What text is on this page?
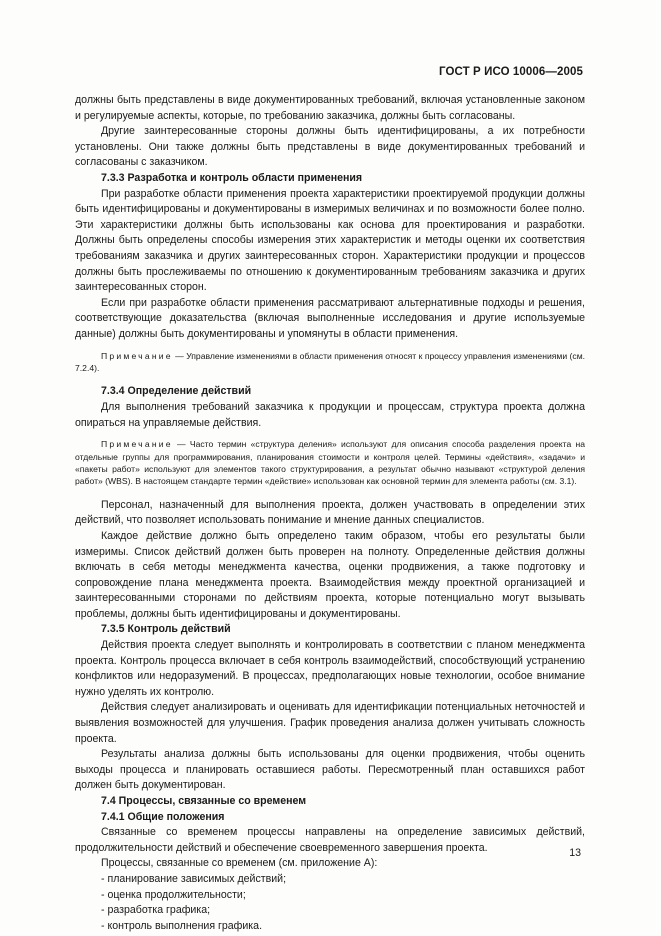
ГОСТ Р ИСО 10006—2005

должны быть представлены в виде документированных требований, включая установленные законом и регулируемые аспекты, которые, по требованию заказчика, должны быть согласованы.

Другие заинтересованные стороны должны быть идентифицированы, а их потребности установлены. Они также должны быть представлены в виде документированных требований и согласованы с заказчиком.

7.3.3 Разработка и контроль области применения

При разработке области применения проекта характеристики проектируемой продукции должны быть идентифицированы и документированы в измеримых величинах и по возможности более полно. Эти характеристики должны быть использованы как основа для проектирования и разработки. Должны быть определены способы измерения этих характеристик и методы оценки их соответствия требованиям заказчика и других заинтересованных сторон. Характеристики продукции и процессов должны быть прослеживаемы по отношению к документированным требованиям заказчика и других заинтересованных сторон.

Если при разработке области применения рассматривают альтернативные подходы и решения, соответствующие доказательства (включая выполненные исследования и другие используемые данные) должны быть документированы и упомянуты в области применения.

Примечание — Управление изменениями в области применения относят к процессу управления изменениями (см. 7.2.4).

7.3.4 Определение действий

Для выполнения требований заказчика к продукции и процессам, структура проекта должна опираться на управляемые действия.

Примечание — Часто термин «структура деления» используют для описания способа разделения проекта на отдельные группы для программирования, планирования стоимости и контроля целей. Термины «действия», «задачи» и «пакеты работ» используют для элементов такого структурирования, а результат обычно называют «структурой деления работ» (WBS). В настоящем стандарте термин «действие» использован как основной термин для элемента работы (см. 3.1).

Персонал, назначенный для выполнения проекта, должен участвовать в определении этих действий, что позволяет использовать понимание и мнение данных специалистов.

Каждое действие должно быть определено таким образом, чтобы его результаты были измеримы. Список действий должен быть проверен на полноту. Определенные действия должны включать в себя методы менеджмента качества, оценки продвижения, а также подготовку и сопровождение плана менеджмента проекта. Взаимодействия между проектной организацией и заинтересованными сторонами по действиям проекта, которые потенциально могут вызывать проблемы, должны быть идентифицированы и документированы.

7.3.5 Контроль действий

Действия проекта следует выполнять и контролировать в соответствии с планом менеджмента проекта. Контроль процесса включает в себя контроль взаимодействий, способствующий устранению конфликтов или недоразумений. В процессах, предполагающих новые технологии, особое внимание нужно уделять их контролю.

Действия следует анализировать и оценивать для идентификации потенциальных неточностей и выявления возможностей для улучшения. График проведения анализа должен учитывать сложность проекта.

Результаты анализа должны быть использованы для оценки продвижения, чтобы оценить выходы процесса и планировать оставшиеся работы. Пересмотренный план оставшихся работ должен быть документирован.

7.4 Процессы, связанные со временем

7.4.1 Общие положения

Связанные со временем процессы направлены на определение зависимых действий, продолжительности действий и обеспечение своевременного завершения проекта.

Процессы, связанные со временем (см. приложение А):

- планирование зависимых действий;

- оценка продолжительности;

- разработка графика;

- контроль выполнения графика.

13
